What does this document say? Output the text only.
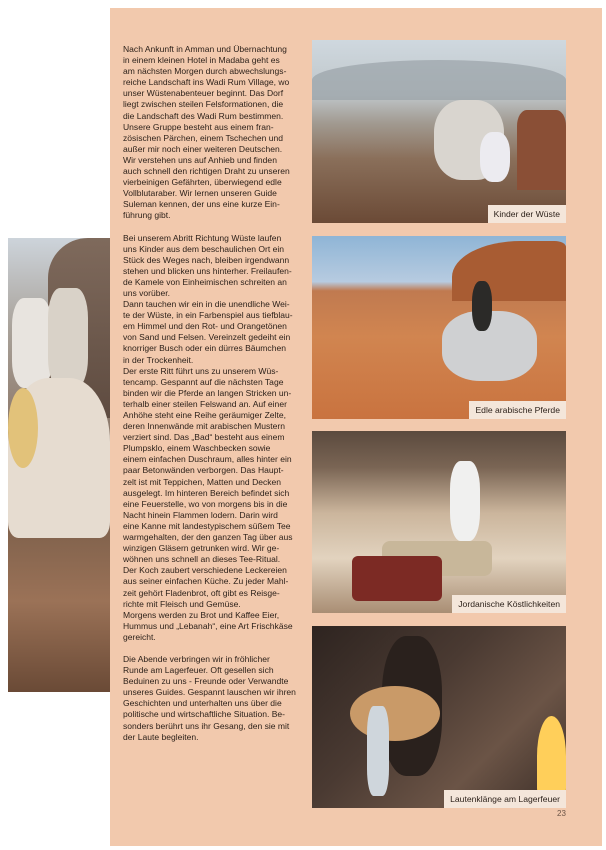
Nach Ankunft in Amman und Übernachtung
in einem kleinen Hotel in Madaba geht es
am nächsten Morgen durch abwechslungs-
reiche Landschaft ins Wadi Rum Village, wo
unser Wüstenabenteuer beginnt. Das Dorf
liegt zwischen steilen Felsformationen, die
die Landschaft des Wadi Rum bestimmen.
Unsere Gruppe besteht aus einem fran-
zösischen Pärchen, einem Tschechen und
außer mir noch einer weiteren Deutschen.
Wir verstehen uns auf Anhieb und finden
auch schnell den richtigen Draht zu unseren
vierbeinigen Gefährten, überwiegend edle
Vollblutaraber. Wir lernen unseren Guide
Suleman kennen, der uns eine kurze Ein-
führung gibt.

Bei unserem Abritt Richtung Wüste laufen
uns Kinder aus dem beschaulichen Ort ein
Stück des Weges nach, bleiben irgendwann
stehen und blicken uns hinterher. Freilaufen-
de Kamele von Einheimischen schreiten an
uns vorüber.
Dann tauchen wir ein in die unendliche Wei-
te der Wüste, in ein Farbenspiel aus tiefblau-
em Himmel und den Rot- und Orangetönen
von Sand und Felsen. Vereinzelt gedeiht ein
knorriger Busch oder ein dürres Bäumchen
in der Trockenheit.
Der erste Ritt führt uns zu unserem Wüs-
tencamp. Gespannt auf die nächsten Tage
binden wir die Pferde an langen Stricken un-
terhalb einer steilen Felswand an. Auf einer
Anhöhe steht eine Reihe geräumiger Zelte,
deren Innenwände mit arabischen Mustern
verziert sind. Das „Bad“ besteht aus einem
Plumpsklo, einem Waschbecken sowie
einem einfachen Duschraum, alles hinter ein
paar Betonwänden verborgen. Das Haupt-
zelt ist mit Teppichen, Matten und Decken
ausgelegt. Im hinteren Bereich befindet sich
eine Feuerstelle, wo von morgens bis in die
Nacht hinein Flammen lodern. Darin wird
eine Kanne mit landestypischem süßem Tee
warmgehalten, der den ganzen Tag über aus
winzigen Gläsern getrunken wird. Wir ge-
wöhnen uns schnell an dieses Tee-Ritual.
Der Koch zaubert verschiedene Leckereien
aus seiner einfachen Küche. Zu jeder Mahl-
zeit gehört Fladenbrot, oft gibt es Reisge-
richte mit Fleisch und Gemüse.
Morgens werden zu Brot und Kaffee Eier,
Hummus und „Lebanah“, eine Art Frischkäse
gereicht.

Die Abende verbringen wir in fröhlicher
Runde am Lagerfeuer. Oft gesellen sich
Beduinen zu uns - Freunde oder Verwandte
unseres Guides. Gespannt lauschen wir ihren
Geschichten und unterhalten uns über die
politische und wirtschaftliche Situation. Be-
sonders berührt uns ihr Gesang, den sie mit
der Laute begleiten.

Kinder der Wüste
Edle arabische Pferde
Jordanische Köstlichkeiten
Lautenklänge am Lagerfeuer
23
